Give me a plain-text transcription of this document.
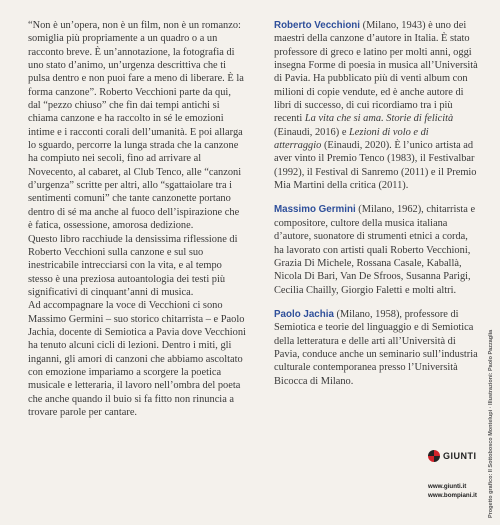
“Non è un’opera, non è un film, non è un romanzo: somiglia più propriamente a un quadro o a un racconto breve. È un’annotazione, la fotografia di uno stato d’animo, un’urgenza descrittiva che ti pulsa dentro e non puoi fare a meno di liberare. È la forma canzone”. Roberto Vecchioni parte da qui, dal “pezzo chiuso” che fin dai tempi antichi si chiama canzone e ha raccolto in sé le emozioni intime e i racconti corali dell’umanità. E poi allarga lo sguardo, percorre la lunga strada che la canzone ha compiuto nei secoli, fino ad arrivare al Novecento, al cabaret, al Club Tenco, alle “canzoni d’urgenza” scritte per altri, allo “sgattaiolare tra i sentimenti comuni” che tante canzonette portano dentro di sé ma anche al fuoco dell’ispirazione che è fatica, ossessione, amorosa dedizione.

Questo libro racchiude la densissima riflessione di Roberto Vecchioni sulla canzone e sul suo inestricabile intrecciarsi con la vita, e al tempo stesso è una preziosa autoantologia dei testi più significativi di cinquant’anni di musica.

Ad accompagnare la voce di Vecchioni ci sono Massimo Germini – suo storico chitarrista – e Paolo Jachia, docente di Semiotica a Pavia dove Vecchioni ha tenuto alcuni cicli di lezioni. Dentro i miti, gli inganni, gli amori di canzoni che abbiamo ascoltato con emozione impariamo a scorgere la poetica musicale e letteraria, il lavoro nell’ombra del poeta che anche quando il buio si fa fitto non rinuncia a trovare parole per cantare.

Roberto Vecchioni (Milano, 1943) è uno dei maestri della canzone d’autore in Italia. È stato professore di greco e latino per molti anni, oggi insegna Forme di poesia in musica all’Università di Pavia. Ha pubblicato più di venti album con milioni di copie vendute, ed è anche autore di libri di successo, di cui ricordiamo tra i più recenti La vita che si ama. Storie di felicità (Einaudi, 2016) e Lezioni di volo e di atterraggio (Einaudi, 2020). È l’unico artista ad aver vinto il Premio Tenco (1983), il Festivalbar (1992), il Festival di Sanremo (2011) e il Premio Mia Martini della critica (2011).

Massimo Germini (Milano, 1962), chitarrista e compositore, cultore della musica italiana d’autore, suonatore di strumenti etnici a corda, ha lavorato con artisti quali Roberto Vecchioni, Grazia Di Michele, Rossana Casale, Kaballà, Nicola Di Bari, Van De Sfroos, Susanna Parigi, Cecilia Chailly, Giorgio Faletti e molti altri.

Paolo Jachia (Milano, 1958), professore di Semiotica e teorie del linguaggio e di Semiotica della letteratura e delle arti all’Università di Pavia, conduce anche un seminario sull’industria culturale contemporanea presso l’Università Bicocca di Milano.	Progetto grafico: Il Sottobosco Montelupi · Illustrazioni: Paolo Pazzaglia
GIUNTI
www.giunti.it
www.bompiani.it
